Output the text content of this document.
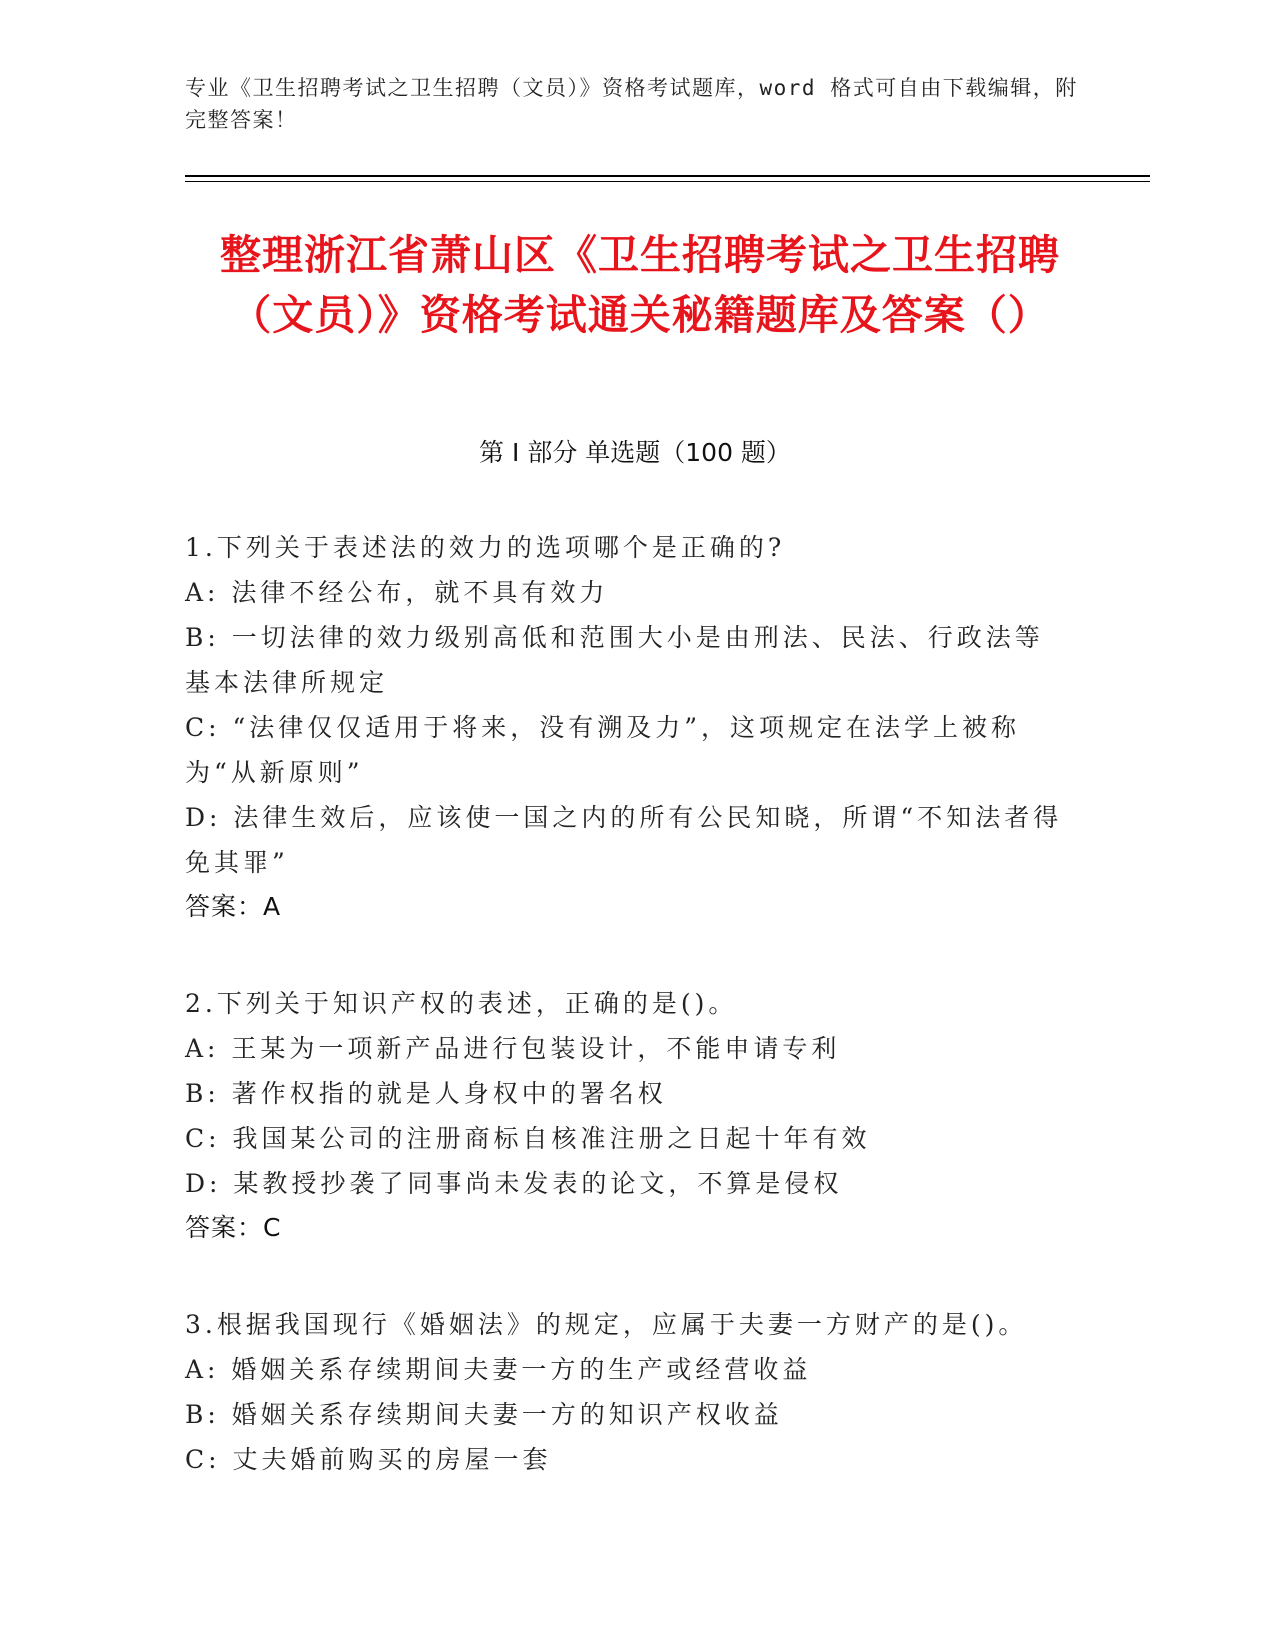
专业《卫生招聘考试之卫生招聘（文员）》资格考试题库，word 格式可自由下载编辑，附完整答案！
整理浙江省萧山区《卫生招聘考试之卫生招聘（文员）》资格考试通关秘籍题库及答案（）
第 I 部分 单选题（100 题）
1.下列关于表述法的效力的选项哪个是正确的?
A: 法律不经公布，就不具有效力
B: 一切法律的效力级别高低和范围大小是由刑法、民法、行政法等基本法律所规定
C: “法律仅仅适用于将来，没有溯及力”，这项规定在法学上被称为“从新原则”
D: 法律生效后，应该使一国之内的所有公民知晓，所谓“不知法者得免其罪”
答案：A
2.下列关于知识产权的表述，正确的是()。
A: 王某为一项新产品进行包装设计，不能申请专利
B: 著作权指的就是人身权中的署名权
C: 我国某公司的注册商标自核准注册之日起十年有效
D: 某教授抄袭了同事尚未发表的论文，不算是侵权
答案：C
3.根据我国现行《婚姻法》的规定，应属于夫妻一方财产的是()。
A: 婚姻关系存续期间夫妻一方的生产或经营收益
B: 婚姻关系存续期间夫妻一方的知识产权收益
C: 丈夫婚前购买的房屋一套
